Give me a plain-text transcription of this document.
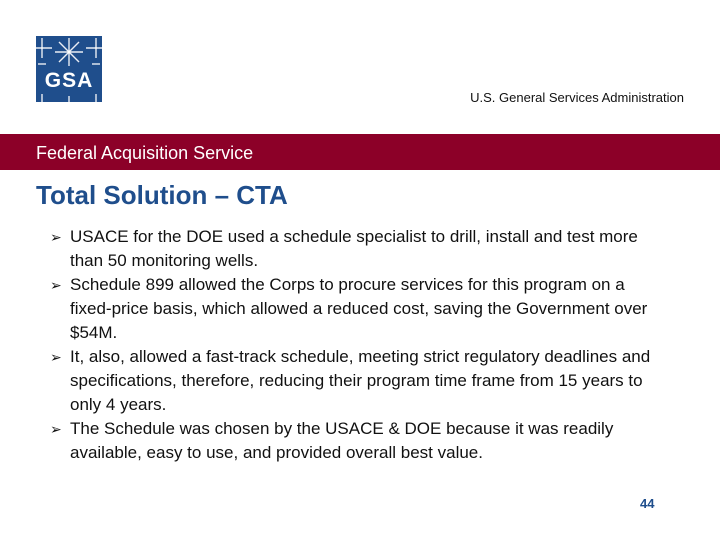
GSA
U.S. General Services Administration
Federal Acquisition Service
Total Solution – CTA
➢ USACE for the DOE used a schedule specialist to drill, install and test more than 50 monitoring wells.
➢ Schedule 899 allowed the Corps to procure services for this program on a fixed-price basis, which allowed a reduced cost, saving the Government over $54M.
➢ It, also, allowed a fast-track schedule, meeting strict regulatory deadlines and specifications, therefore, reducing their program time frame from 15 years to only 4 years.
➢ The Schedule was chosen by the USACE & DOE because it was readily available, easy to use, and provided overall best value.
44
